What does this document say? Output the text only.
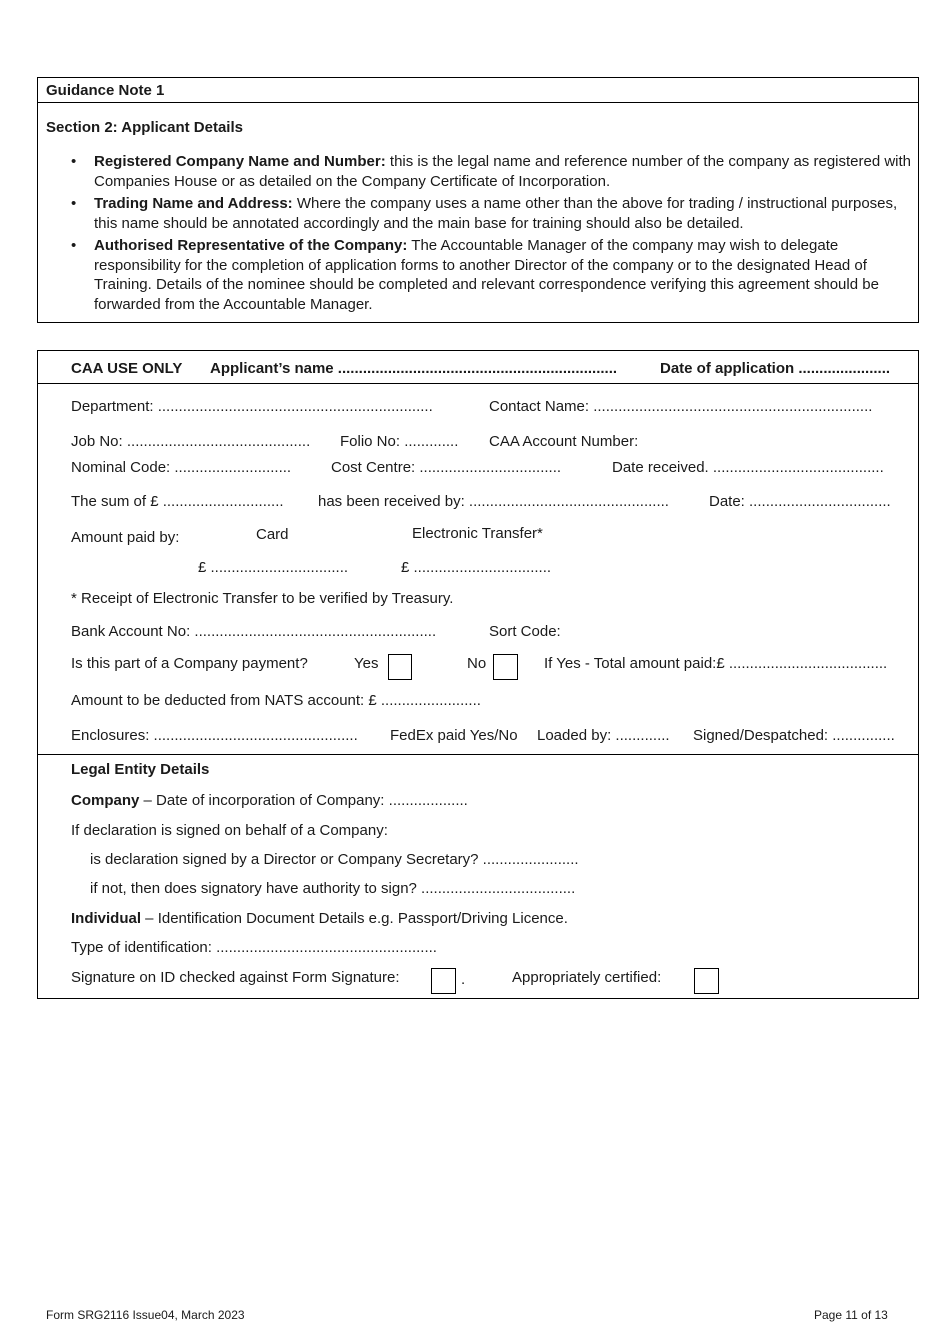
Guidance Note 1
Section 2: Applicant Details
• Registered Company Name and Number: this is the legal name and reference number of the company as registered with Companies House or as detailed on the Company Certificate of Incorporation.
• Trading Name and Address: Where the company uses a name other than the above for trading / instructional purposes, this name should be annotated accordingly and the main base for training should also be detailed.
• Authorised Representative of the Company: The Accountable Manager of the company may wish to delegate responsibility for the completion of application forms to another Director of the company or to the designated Head of Training. Details of the nominee should be completed and relevant correspondence verifying this agreement should be forwarded from the Accountable Manager.
CAA USE ONLY Applicant’s name ...................................................................	Date of application ......................
Department: ..................................................................	Contact Name: ...................................................................
Job No: ............................................ Folio No: ............. CAA Account Number:
Nominal Code: ............................	Cost Centre: ..................................	Date received. .........................................
The sum of £ ............................. has been received by: ................................................	Date: ..................................
Amount paid by:	Card	Electronic Transfer*
£ .................................	£ .................................
* Receipt of Electronic Transfer to be verified by Treasury.
Bank Account No: ..........................................................	Sort Code:
Is this part of a Company payment?	Yes	No	If Yes - Total amount paid:£ ......................................
Amount to be deducted from NATS account: £ ........................
Enclosures: ................................................. FedEx paid Yes/No Loaded by: ............. Signed/Despatched: ...............
Legal Entity Details
Company – Date of incorporation of Company: ...................
If declaration is signed on behalf of a Company:
is declaration signed by a Director or Company Secretary? .......................
if not, then does signatory have authority to sign? .....................................
Individual – Identification Document Details e.g. Passport/Driving Licence.
Type of identification: .....................................................
Signature on ID checked against Form Signature:	.	Appropriately certified:
Form SRG2116 Issue04, March 2023	Page 11 of 13
